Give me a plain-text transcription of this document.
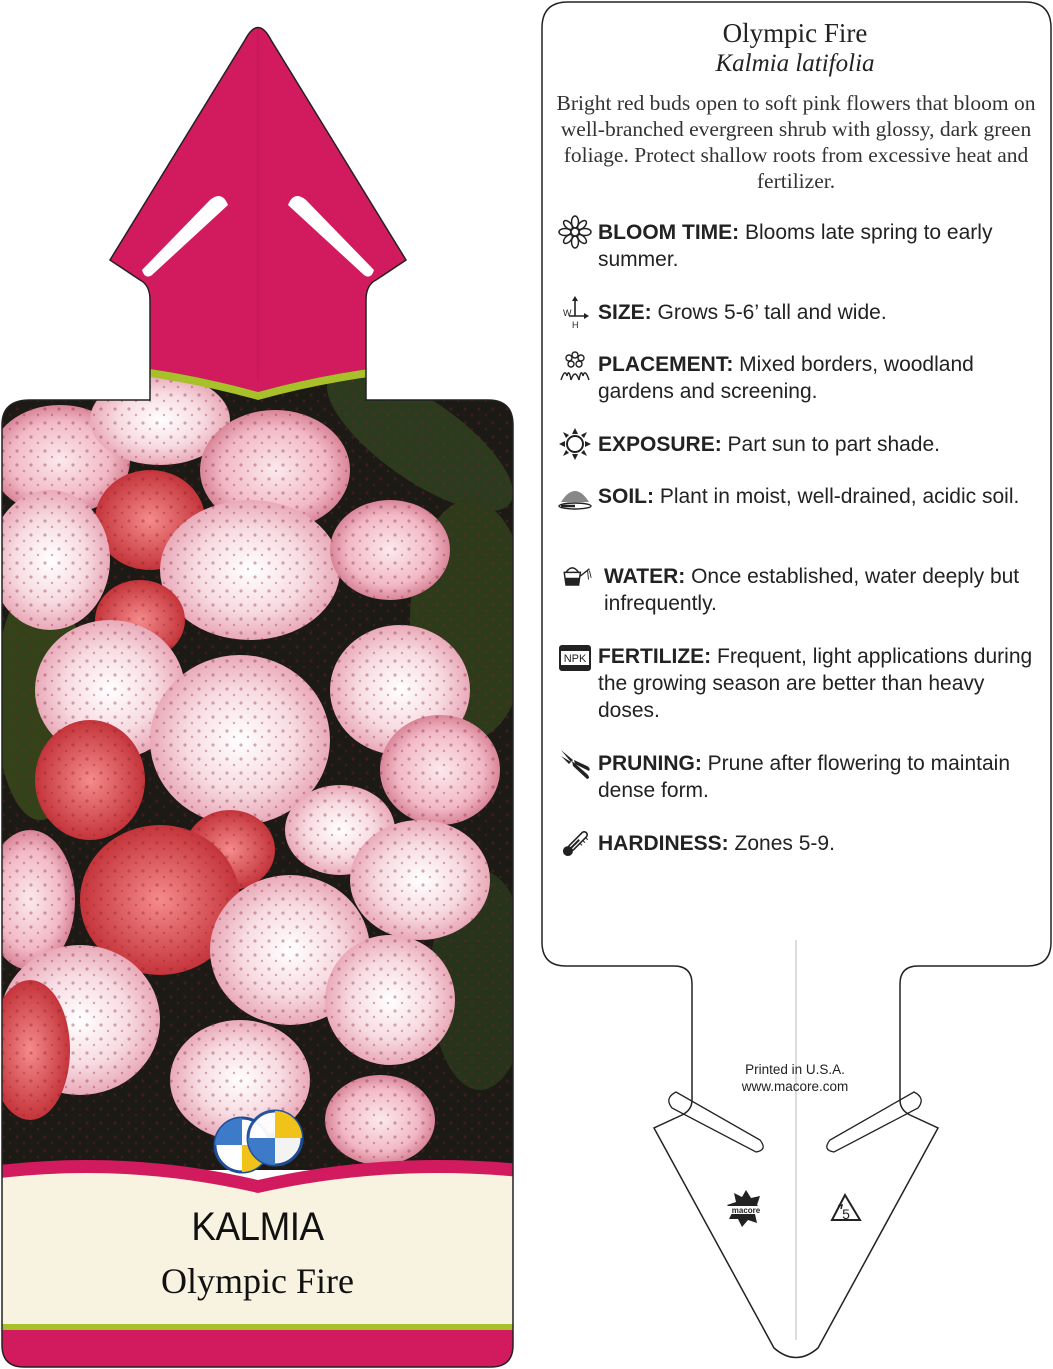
KALMIA
Olympic Fire
macore	5
Olympic Fire
Kalmia latifolia
Bright red buds open to soft pink flowers that bloom on well-branched evergreen shrub with glossy, dark green foliage. Protect shallow roots from excessive heat and fertilizer.
W
H
NPK
BLOOM TIME: Blooms late spring to early summer.
SIZE: Grows 5-6’ tall and wide.
PLACEMENT: Mixed borders, woodland gardens and screening.
EXPOSURE: Part sun to part shade.
SOIL: Plant in moist, well-drained, acidic soil.
WATER: Once established, water deeply but infrequently.
FERTILIZE: Frequent, light applications during the growing season are better than heavy doses.
PRUNING: Prune after flowering to maintain dense form.
HARDINESS: Zones 5-9.
Printed in U.S.A.
www.macore.com
